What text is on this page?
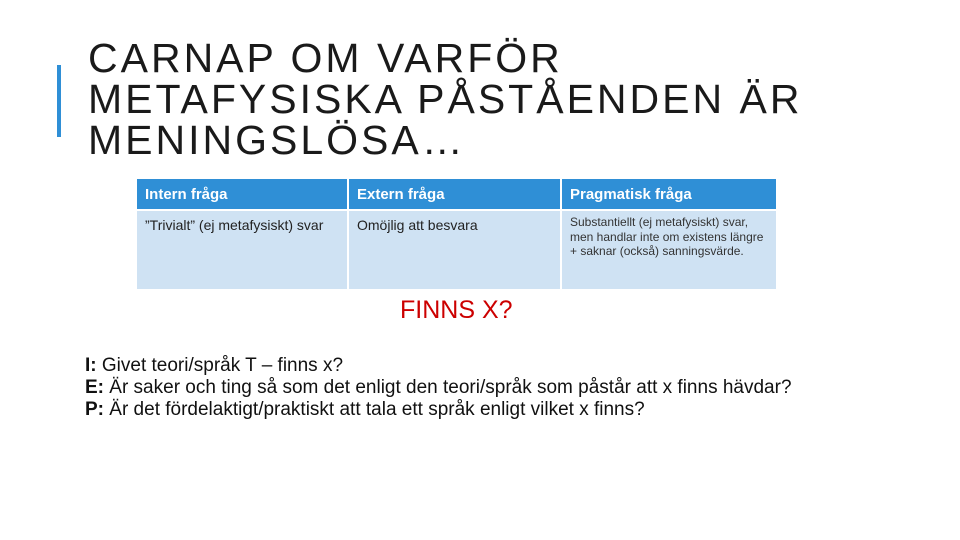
CARNAP OM VARFÖR
METAFYSISKA PÅSTÅENDEN ÄR
MENINGSLÖSA…
Intern fråga	Extern fråga	Pragmatisk fråga
”Trivialt” (ej metafysiskt) svar	Omöjlig att besvara	Substantiellt (ej metafysiskt) svar, men handlar inte om existens längre + saknar (också) sanningsvärde.
FINNS X?

I: Givet teori/språk T – finns x?

E: Är saker och ting så som det enligt den teori/språk som påstår att x finns hävdar?

P: Är det fördelaktigt/praktiskt att tala ett språk enligt vilket x finns?
